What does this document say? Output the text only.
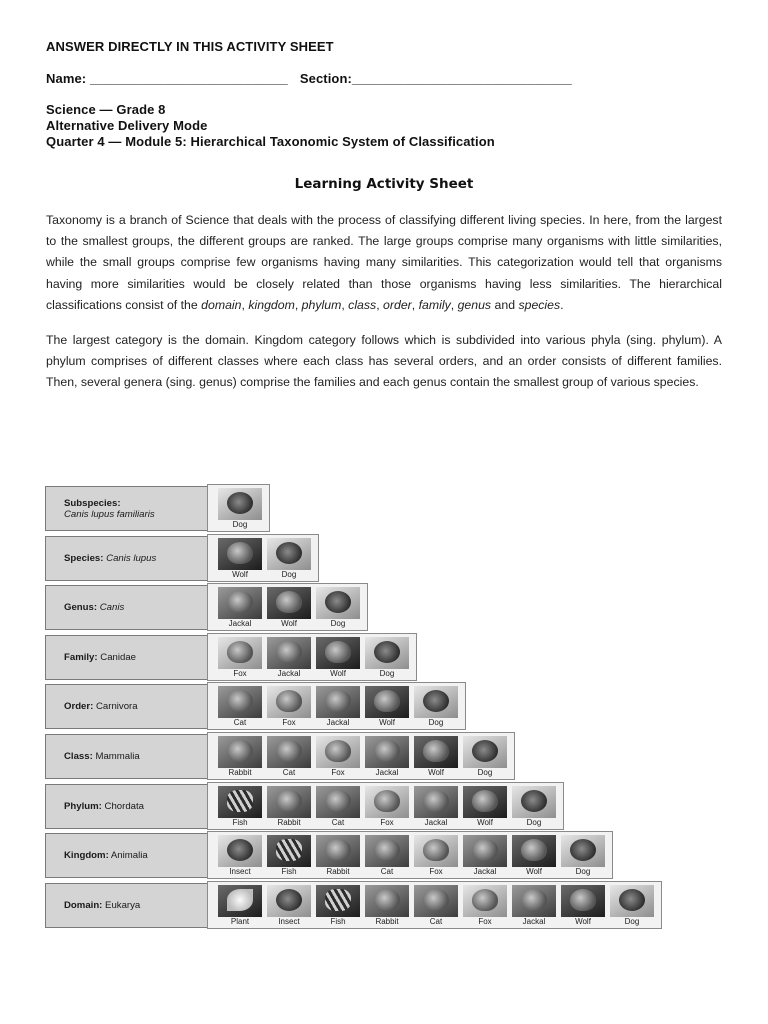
ANSWER DIRECTLY IN THIS ACTIVITY SHEET

Name: ___________________________ Section:______________________________
Science — Grade 8
Alternative Delivery Mode
Quarter 4 — Module 5: Hierarchical Taxonomic System of Classification
Learning Activity Sheet

Taxonomy is a branch of Science that deals with the process of classifying different living species. In here, from the largest to the smallest groups, the different groups are ranked. The large groups comprise many organisms with little similarities, while the small groups comprise few organisms having many similarities. This categorization would tell that organisms having more similarities would be closely related than those organisms having less similarities. The hierarchical classifications consist of the domain, kingdom, phylum, class, order, family, genus and species.

The largest category is the domain. Kingdom category follows which is subdivided into various phyla (sing. phylum). A phylum comprises of different classes where each class has several orders, and an order consists of different families. Then, several genera (sing. genus) comprise the families and each genus contain the smallest group of various species.

Subspecies:
Canis lupus familiaris
Dog
Species: Canis lupus
Wolf	Dog
Genus: Canis
Jackal	Wolf	Dog
Family: Canidae
Fox	Jackal	Wolf	Dog
Order: Carnivora
Cat	Fox	Jackal	Wolf	Dog
Class: Mammalia
Rabbit	Cat	Fox	Jackal	Wolf	Dog
Phylum: Chordata
Fish	Rabbit	Cat	Fox	Jackal	Wolf	Dog
Kingdom: Animalia
Insect	Fish	Rabbit	Cat	Fox	Jackal	Wolf	Dog
Domain: Eukarya
Plant	Insect	Fish	Rabbit	Cat	Fox	Jackal	Wolf	Dog
